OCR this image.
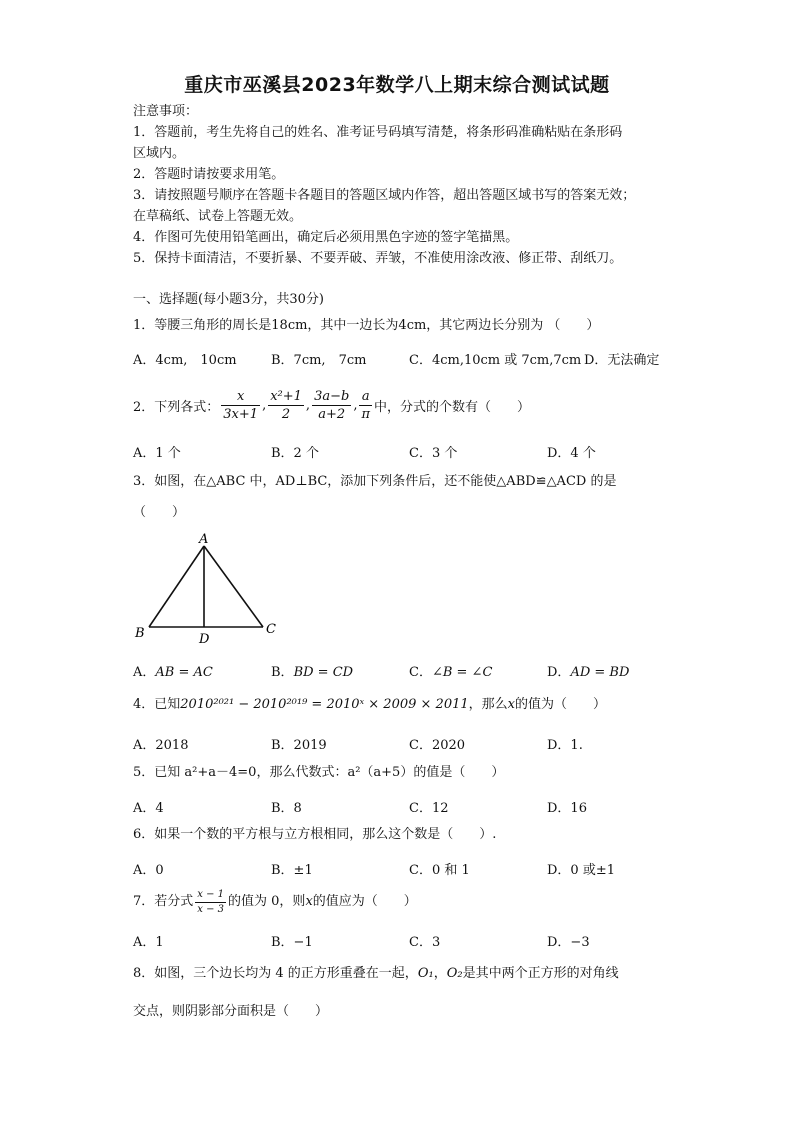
重庆市巫溪县2023年数学八上期末综合测试试题
注意事项：
1．答题前，考生先将自己的姓名、准考证号码填写清楚，将条形码准确粘贴在条形码
区域内。
2．答题时请按要求用笔。
3．请按照题号顺序在答题卡各题目的答题区域内作答，超出答题区域书写的答案无效；
在草稿纸、试卷上答题无效。
4．作图可先使用铅笔画出，确定后必须用黑色字迹的签字笔描黑。
5．保持卡面清洁，不要折暴、不要弄破、弄皱，不准使用涂改液、修正带、刮纸刀。
一、选择题(每小题3分，共30分)
1．等腰三角形的周长是18cm，其中一边长为4cm，其它两边长分别为 （　　）
A．4cm,　10cm	B．7cm,　7cm	C．4cm,10cm 或 7cm,7cm D．无法确定
2．下列各式： $\frac{x}{3x+1}$ , $\frac{\text{x²+1}}{2}$ , $\frac{3a-b}{a+2}$ , $\frac{a}{\pi}$ 中，分式的个数有（　　）
A．1 个	B．2 个	C．3 个	D．4 个
3．如图，在△ABC 中，AD⊥BC，添加下列条件后，还不能使△ABD≌△ACD 的是
（　　）
A
B	D
C
A．AB = AC	B．BD = CD	C．∠B = ∠C	D．AD = BD
4．已知2010²⁰²¹ − 2010²⁰¹⁹ = 2010ˣ × 2009 × 2011，那么x的值为（　　）
A．2018	B．2019	C．2020	D．1.
5．已知 a²+a－4=0，那么代数式：a²（a+5）的值是（　　）
A．4	B．8	C．12	D．16
6．如果一个数的平方根与立方根相同，那么这个数是（　　）.
A．0	B．±1	C．0 和 1	D．0 或±1
7．若分式 $\frac{x - 1}{x - 3}$ 的值为 0，则 x 的值应为（　　）
A．1	B．−1	C．3	D．−3
8．如图，三个边长均为 4 的正方形重叠在一起，O₁，O₂是其中两个正方形的对角线
交点，则阴影部分面积是（　　）
